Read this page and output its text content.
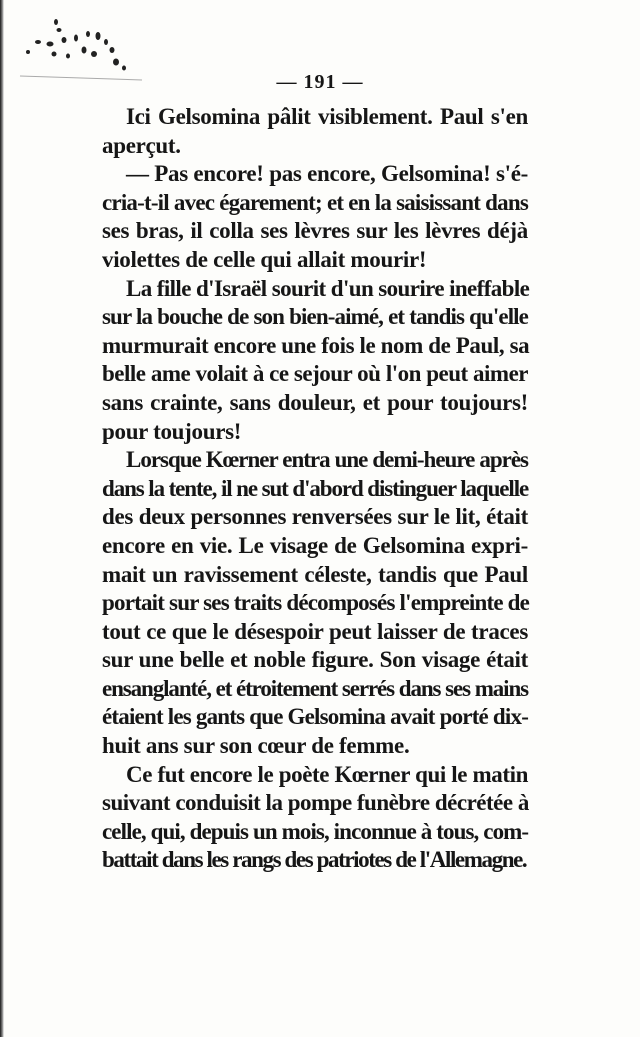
— 191 —

Ici Gelsomina pâlit visiblement. Paul s'en
aperçut.

— Pas encore! pas encore, Gelsomina! s'é-
cria-t-il avec égarement; et en la saisissant dans
ses bras, il colla ses lèvres sur les lèvres déjà
violettes de celle qui allait mourir!

La fille d'Israël sourit d'un sourire ineffable
sur la bouche de son bien-aimé, et tandis qu'elle
murmurait encore une fois le nom de Paul, sa
belle ame volait à ce sejour où l'on peut aimer
sans crainte, sans douleur, et pour toujours!
pour toujours!

Lorsque Kœrner entra une demi-heure après
dans la tente, il ne sut d'abord distinguer laquelle
des deux personnes renversées sur le lit, était
encore en vie. Le visage de Gelsomina expri-
mait un ravissement céleste, tandis que Paul
portait sur ses traits décomposés l'empreinte de
tout ce que le désespoir peut laisser de traces
sur une belle et noble figure. Son visage était
ensanglanté, et étroitement serrés dans ses mains
étaient les gants que Gelsomina avait porté dix-
huit ans sur son cœur de femme.

Ce fut encore le poète Kœrner qui le matin
suivant conduisit la pompe funèbre décrétée à
celle, qui, depuis un mois, inconnue à tous, com-
battait dans les rangs des patriotes de l'Allemagne.
